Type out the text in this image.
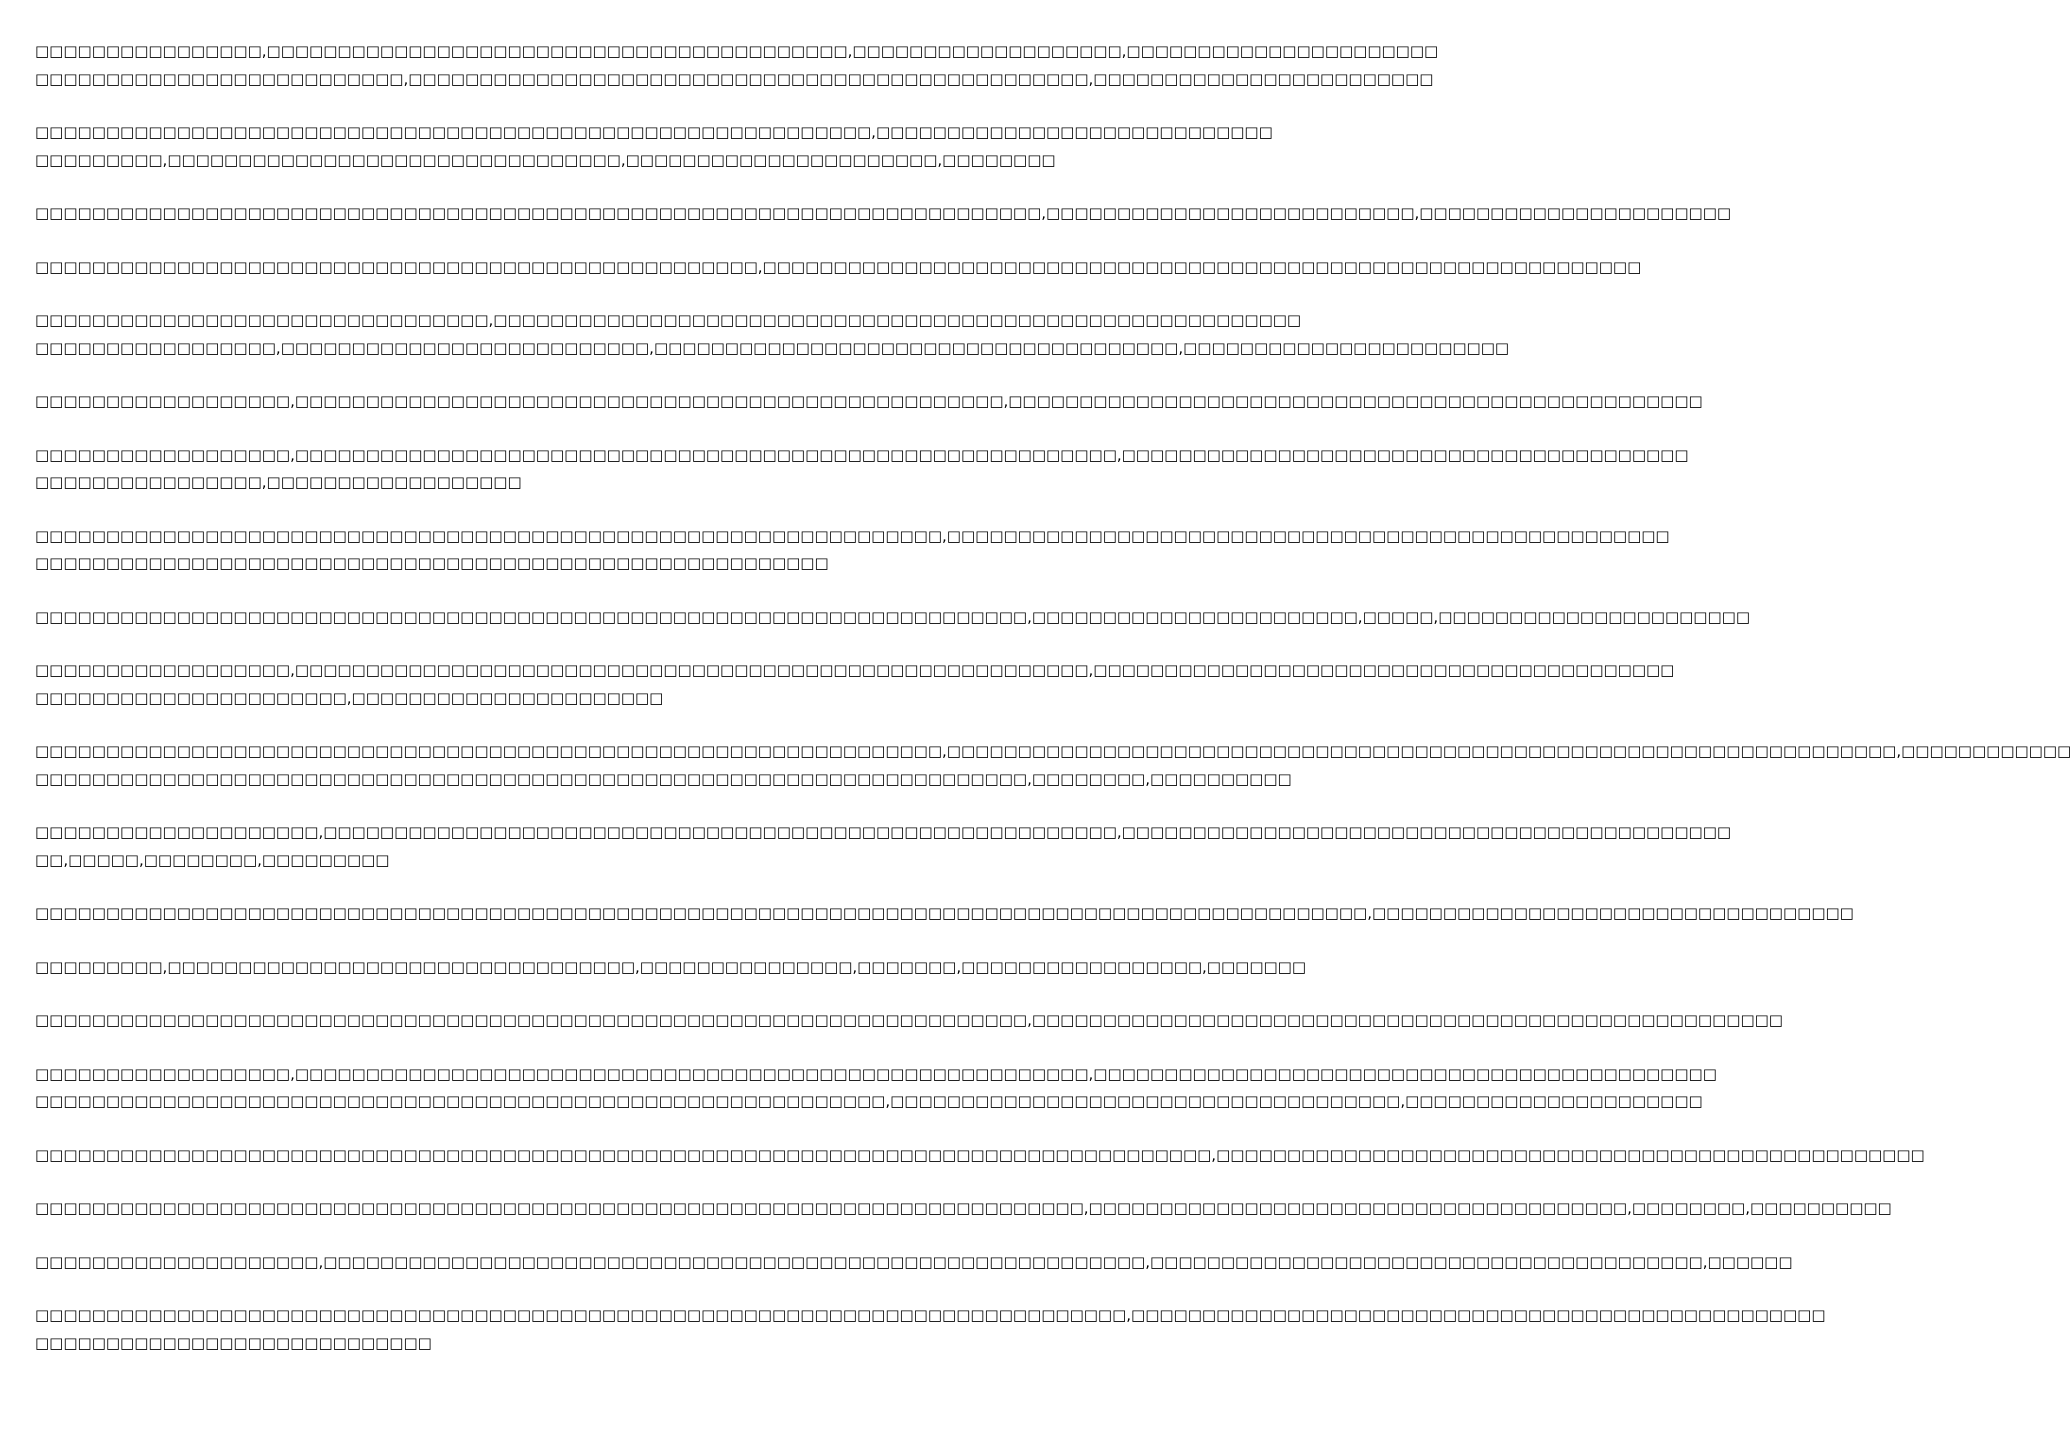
□□□□□□□□□□□□□□□□,□□□□□□□□□□□□□□□□□□□□□□□□□□□□□□□□□□□□□□□□□,□□□□□□□□□□□□□□□□□□□,□□□□□□□□□□□□□□□□□□□□□□
□□□□□□□□□□□□□□□□□□□□□□□□□□,□□□□□□□□□□□□□□□□□□□□□□□□□□□□□□□□□□□□□□□□□□□□□□□□,□□□□□□□□□□□□□□□□□□□□□□□□
□□□□□□□□□□□□□□□□□□□□□□□□□□□□□□□□□□□□□□□□□□□□□□□□□□□□□□□□□□□,□□□□□□□□□□□□□□□□□□□□□□□□□□□□
□□□□□□□□□,□□□□□□□□□□□□□□□□□□□□□□□□□□□□□□□□,□□□□□□□□□□□□□□□□□□□□□□,□□□□□□□□
□□□□□□□□□□□□□□□□□□□□□□□□□□□□□□□□□□□□□□□□□□□□□□□□□□□□□□□□□□□□□□□□□□□□□□□,□□□□□□□□□□□□□□□□□□□□□□□□□□,□□□□□□□□□□□□□□□□□□□□□□
□□□□□□□□□□□□□□□□□□□□□□□□□□□□□□□□□□□□□□□□□□□□□□□□□□□,□□□□□□□□□□□□□□□□□□□□□□□□□□□□□□□□□□□□□□□□□□□□□□□□□□□□□□□□□□□□□□
□□□□□□□□□□□□□□□□□□□□□□□□□□□□□□□□,□□□□□□□□□□□□□□□□□□□□□□□□□□□□□□□□□□□□□□□□□□□□□□□□□□□□□□□□□
□□□□□□□□□□□□□□□□□,□□□□□□□□□□□□□□□□□□□□□□□□□□,□□□□□□□□□□□□□□□□□□□□□□□□□□□□□□□□□□□□□,□□□□□□□□□□□□□□□□□□□□□□□
□□□□□□□□□□□□□□□□□□,□□□□□□□□□□□□□□□□□□□□□□□□□□□□□□□□□□□□□□□□□□□□□□□□□□,□□□□□□□□□□□□□□□□□□□□□□□□□□□□□□□□□□□□□□□□□□□□□□□□□
□□□□□□□□□□□□□□□□□□,□□□□□□□□□□□□□□□□□□□□□□□□□□□□□□□□□□□□□□□□□□□□□□□□□□□□□□□□□□,□□□□□□□□□□□□□□□□□□□□□□□□□□□□□□□□□□□□□□□□
□□□□□□□□□□□□□□□□,□□□□□□□□□□□□□□□□□□
□□□□□□□□□□□□□□□□□□□□□□□□□□□□□□□□□□□□□□□□□□□□□□□□□□□□□□□□□□□□□□□□,□□□□□□□□□□□□□□□□□□□□□□□□□□□□□□□□□□□□□□□□□□□□□□□□□□□
□□□□□□□□□□□□□□□□□□□□□□□□□□□□□□□□□□□□□□□□□□□□□□□□□□□□□□□□
□□□□□□□□□□□□□□□□□□□□□□□□□□□□□□□□□□□□□□□□□□□□□□□□□□□□□□□□□□□□□□□□□□□□□□,□□□□□□□□□□□□□□□□□□□□□□□,□□□□□,□□□□□□□□□□□□□□□□□□□□□□
□□□□□□□□□□□□□□□□□□,□□□□□□□□□□□□□□□□□□□□□□□□□□□□□□□□□□□□□□□□□□□□□□□□□□□□□□□□,□□□□□□□□□□□□□□□□□□□□□□□□□□□□□□□□□□□□□□□□□
□□□□□□□□□□□□□□□□□□□□□□,□□□□□□□□□□□□□□□□□□□□□□
□□□□□□□□□□□□□□□□□□□□□□□□□□□□□□□□□□□□□□□□□□□□□□□□□□□□□□□□□□□□□□□□,□□□□□□□□□□□□□□□□□□□□□□□□□□□□□□□□□□□□□□□□□□□□□□□□□□□□□□□□□□□□□□□□□□□,□□□□□□□□□□□□
□□□□□□□□□□□□□□□□□□□□□□□□□□□□□□□□□□□□□□□□□□□□□□□□□□□□□□□□□□□□□□□□□□□□□□,□□□□□□□□,□□□□□□□□□□
□□□□□□□□□□□□□□□□□□□□,□□□□□□□□□□□□□□□□□□□□□□□□□□□□□□□□□□□□□□□□□□□□□□□□□□□□□□□□,□□□□□□□□□□□□□□□□□□□□□□□□□□□□□□□□□□□□□□□□□□□
□□,□□□□□,□□□□□□□□,□□□□□□□□□
□□□□□□□□□□□□□□□□□□□□□□□□□□□□□□□□□□□□□□□□□□□□□□□□□□□□□□□□□□□□□□□□□□□□□□□□□□□□□□□□□□□□□□□□□□□□□□,□□□□□□□□□□□□□□□□□□□□□□□□□□□□□□□□□□
□□□□□□□□□,□□□□□□□□□□□□□□□□□□□□□□□□□□□□□□□□□,□□□□□□□□□□□□□□□,□□□□□□□,□□□□□□□□□□□□□□□□□,□□□□□□□
□□□□□□□□□□□□□□□□□□□□□□□□□□□□□□□□□□□□□□□□□□□□□□□□□□□□□□□□□□□□□□□□□□□□□□,□□□□□□□□□□□□□□□□□□□□□□□□□□□□□□□□□□□□□□□□□□□□□□□□□□□□□
□□□□□□□□□□□□□□□□□□,□□□□□□□□□□□□□□□□□□□□□□□□□□□□□□□□□□□□□□□□□□□□□□□□□□□□□□□□,□□□□□□□□□□□□□□□□□□□□□□□□□□□□□□□□□□□□□□□□□□□□
□□□□□□□□□□□□□□□□□□□□□□□□□□□□□□□□□□□□□□□□□□□□□□□□□□□□□□□□□□□□,□□□□□□□□□□□□□□□□□□□□□□□□□□□□□□□□□□□□,□□□□□□□□□□□□□□□□□□□□□
□□□□□□□□□□□□□□□□□□□□□□□□□□□□□□□□□□□□□□□□□□□□□□□□□□□□□□□□□□□□□□□□□□□□□□□□□□□□□□□□□□□,□□□□□□□□□□□□□□□□□□□□□□□□□□□□□□□□□□□□□□□□□□□□□□□□□□
□□□□□□□□□□□□□□□□□□□□□□□□□□□□□□□□□□□□□□□□□□□□□□□□□□□□□□□□□□□□□□□□□□□□□□□□□□,□□□□□□□□□□□□□□□□□□□□□□□□□□□□□□□□□□□□□□,□□□□□□□□,□□□□□□□□□□
□□□□□□□□□□□□□□□□□□□□,□□□□□□□□□□□□□□□□□□□□□□□□□□□□□□□□□□□□□□□□□□□□□□□□□□□□□□□□□□,□□□□□□□□□□□□□□□□□□□□□□□□□□□□□□□□□□□□□□□,□□□□□□
□□□□□□□□□□□□□□□□□□□□□□□□□□□□□□□□□□□□□□□□□□□□□□□□□□□□□□□□□□□□□□□□□□□□□□□□□□□□□,□□□□□□□□□□□□□□□□□□□□□□□□□□□□□□□□□□□□□□□□□□□□□□□□□
□□□□□□□□□□□□□□□□□□□□□□□□□□□□
